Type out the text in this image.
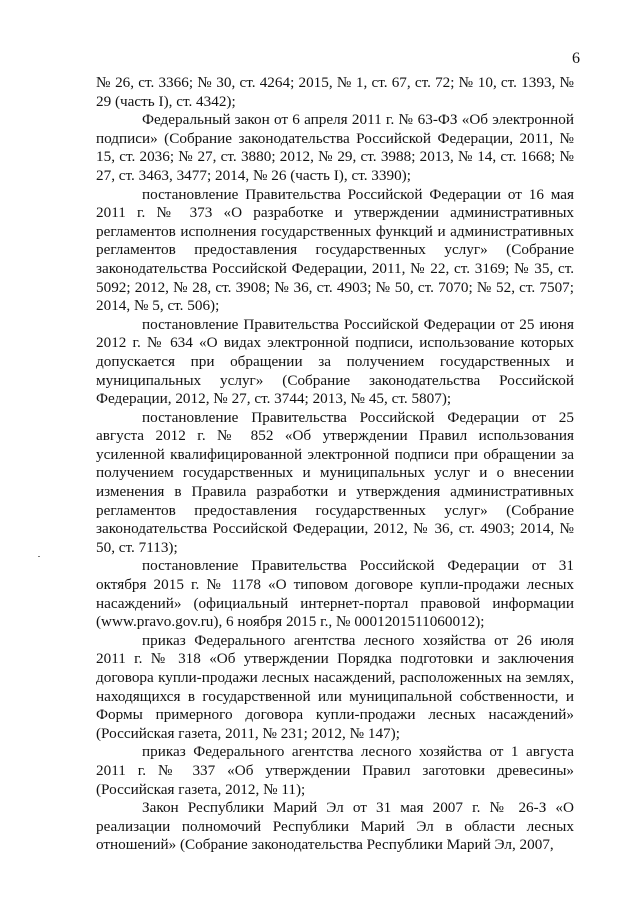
6

№ 26, ст. 3366; № 30, ст. 4264; 2015, № 1, ст. 67, ст. 72; № 10, ст. 1393, № 29 (часть I), ст. 4342);

Федеральный закон от 6 апреля 2011 г. № 63-ФЗ «Об электронной подписи» (Собрание законодательства Российской Федерации, 2011, № 15, ст. 2036; № 27, ст. 3880; 2012, № 29, ст. 3988; 2013, № 14, ст. 1668; № 27, ст. 3463, 3477; 2014, № 26 (часть I), ст. 3390);

постановление Правительства Российской Федерации от 16 мая 2011 г. № 373 «О разработке и утверждении административных регламентов исполнения государственных функций и административных регламентов предоставления государственных услуг» (Собрание законодательства Российской Федерации, 2011, № 22, ст. 3169; № 35, ст. 5092; 2012, № 28, ст. 3908; № 36, ст. 4903; № 50, ст. 7070; № 52, ст. 7507; 2014, № 5, ст. 506);

постановление Правительства Российской Федерации от 25 июня 2012 г. № 634 «О видах электронной подписи, использование которых допускается при обращении за получением государственных и муниципальных услуг» (Собрание законодательства Российской Федерации, 2012, № 27, ст. 3744; 2013, № 45, ст. 5807);

постановление Правительства Российской Федерации от 25 августа 2012 г. № 852 «Об утверждении Правил использования усиленной квалифицированной электронной подписи при обращении за получением государственных и муниципальных услуг и о внесении изменения в Правила разработки и утверждения административных регламентов предоставления государственных услуг» (Собрание законодательства Российской Федерации, 2012, № 36, ст. 4903; 2014, № 50, ст. 7113);

постановление Правительства Российской Федерации от 31 октября 2015 г. № 1178 «О типовом договоре купли-продажи лесных насаждений» (официальный интернет-портал правовой информации (www.pravo.gov.ru), 6 ноября 2015 г., № 0001201511060012);

приказ Федерального агентства лесного хозяйства от 26 июля 2011 г. № 318 «Об утверждении Порядка подготовки и заключения договора купли-продажи лесных насаждений, расположенных на землях, находящихся в государственной или муниципальной собственности, и Формы примерного договора купли-продажи лесных насаждений» (Российская газета, 2011, № 231; 2012, № 147);

приказ Федерального агентства лесного хозяйства от 1 августа 2011 г. № 337 «Об утверждении Правил заготовки древесины» (Российская газета, 2012, № 11);

Закон Республики Марий Эл от 31 мая 2007 г. № 26-З «О реализации полномочий Республики Марий Эл в области лесных отношений» (Собрание законодательства Республики Марий Эл, 2007,
